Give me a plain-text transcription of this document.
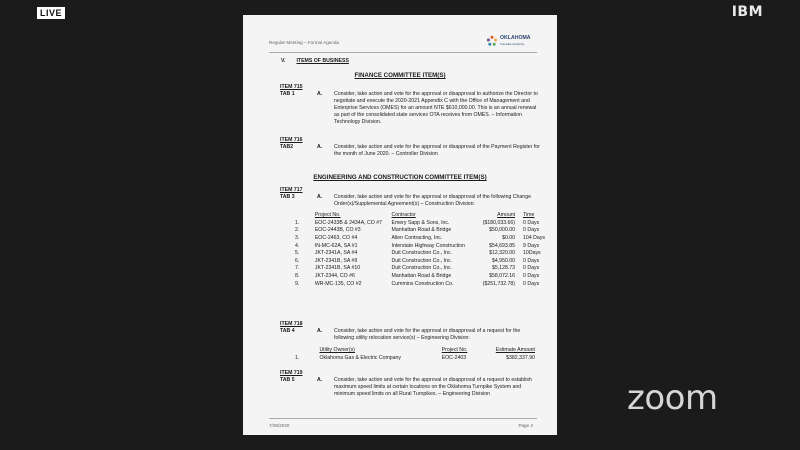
LIVE	IBM
zoom
Regular Meeting – Formal Agenda
OKLAHOMA
Turnpike Authority
V. ITEMS OF BUSINESS
FINANCE COMMITTEE ITEM(S)
ITEM 715
TAB 1	A.	Consider, take action and vote for the approval or disapproval to authorize the Director to negotiate and execute the 2020-2021 Appendix C with the Office of Management and Enterprise Services (OMES) for an amount NTE $610,000.00. This is an annual renewal as part of the consolidated state services OTA receives from OMES. – Information Technology Division.
ITEM 716
TAB2	A.	Consider, take action and vote for the approval or disapproval of the Payment Register for the month of June 2020. – Controller Division
ENGINEERING AND CONSTRUCTION COMMITTEE ITEM(S)
ITEM 717
TAB 3	A.	Consider, take action and vote for the approval or disapproval of the following Change Order(s)/Supplemental Agreement(s) – Construction Division:
	Project No.	Contractor	Amount	Time
1.	EOC-2433B & 2434A, CO #7	Emery Sapp & Sons, Inc.	($180,033.66)	0 Days
2.	EOC-2443B, CO #3	Manhattan Road & Bridge	$50,000.00	0 Days
3.	EOC-2463, CO #4	Allen Contracting, Inc.	$0.00	104 Days
4.	IN-MC-62A, SA #1	Interstate Highway Construction	$54,693.85	9 Days
5.	JKT-2341A, SA #4	Duit Construction Co., Inc.	$12,320.00	10Days
6.	JKT-2341B, SA #9	Duit Construction Co., Inc.	$4,950.00	0 Days
7.	JKT-2341B, SA #10	Duit Construction Co., Inc.	$5,128.73	0 Days
8.	JKT-2344, CO #6	Manhattan Road & Bridge	$58,072.16	0 Days
9.	WR-MC-135, CO #2	Cummins Construction Co.	($251,732.78)	0 Days
ITEM 718
TAB 4	A.	Consider, take action and vote for the approval or disapproval of a request for the following utility relocation service(s) – Engineering Division:
	Utility Owner(s)	Project No.	Estimate Amount
1.	Oklahoma Gas & Electric Company	EOC-2403	$382,337.90
ITEM 719
TAB 5	A.	Consider, take action and vote for the approval or disapproval of a request to establish maximum speed limits at certain locations on the Oklahoma Turnpike System and minimum speed limits on all Rural Turnpikes. – Engineering Division
7/28/2020	Page 2
